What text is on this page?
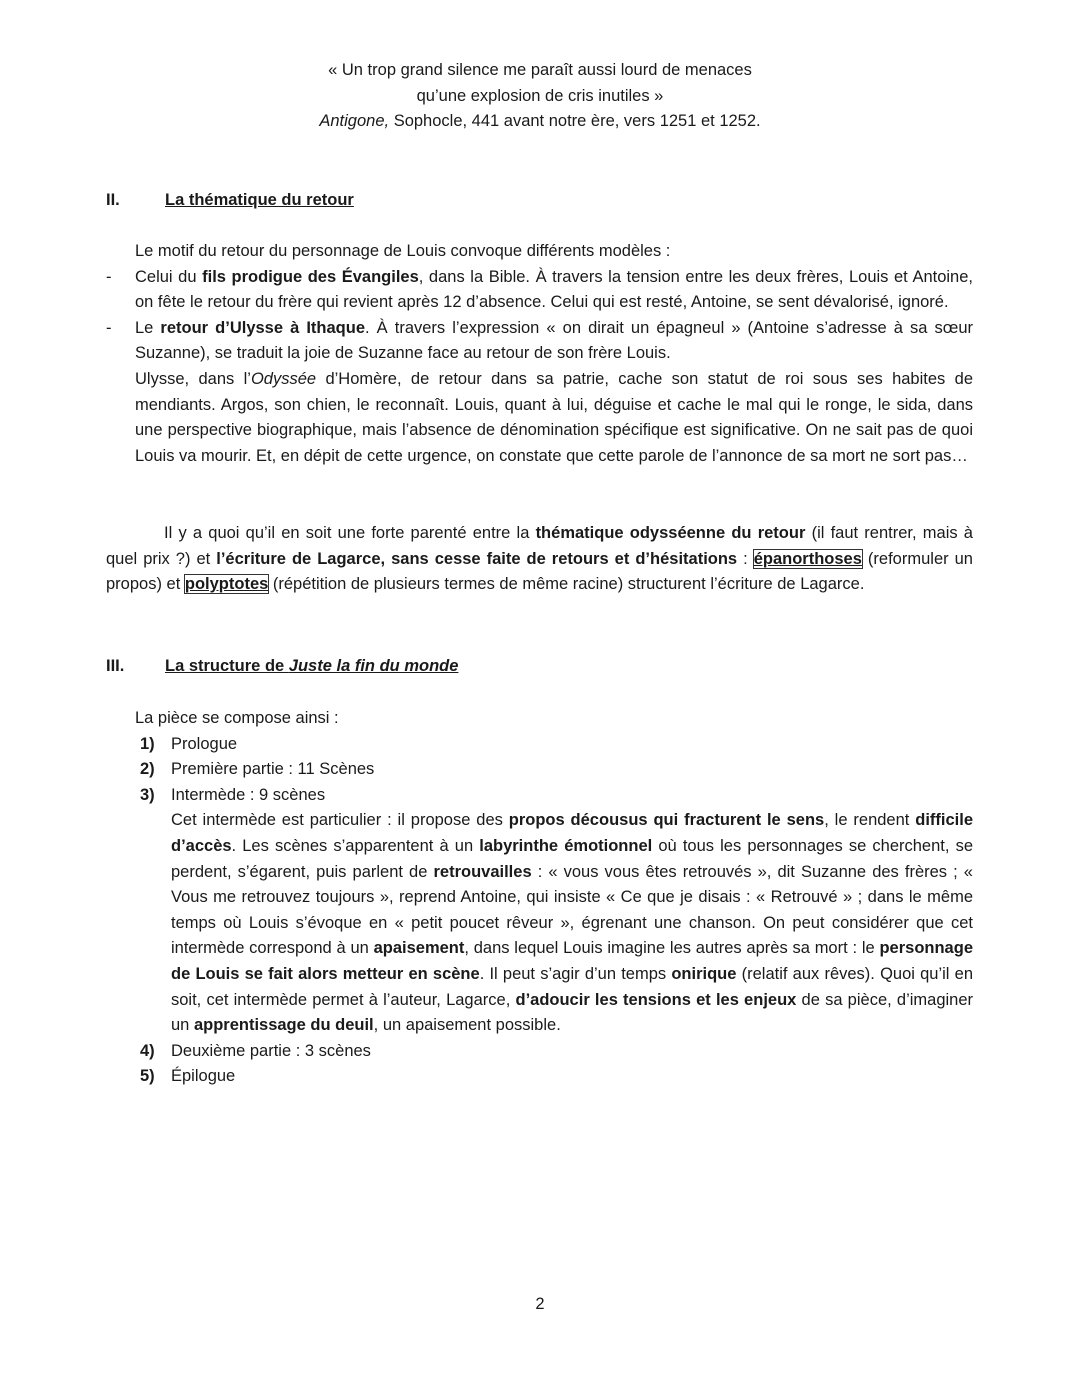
« Un trop grand silence me paraît aussi lourd de menaces
qu’une explosion de cris inutiles »
Antigone, Sophocle, 441 avant notre ère, vers 1251 et 1252.
II.	La thématique du retour
Le motif du retour du personnage de Louis convoque différents modèles :
- Celui du fils prodigue des Évangiles, dans la Bible. À travers la tension entre les deux frères, Louis et Antoine, on fête le retour du frère qui revient après 12 d’absence. Celui qui est resté, Antoine, se sent dévalorisé, ignoré.
- Le retour d’Ulysse à Ithaque. À travers l’expression « on dirait un épagneul » (Antoine s’adresse à sa sœur Suzanne), se traduit la joie de Suzanne face au retour de son frère Louis.
Ulysse, dans l’Odyssée d’Homère, de retour dans sa patrie, cache son statut de roi sous ses habites de mendiants. Argos, son chien, le reconnaît. Louis, quant à lui, déguise et cache le mal qui le ronge, le sida, dans une perspective biographique, mais l’absence de dénomination spécifique est significative. On ne sait pas de quoi Louis va mourir. Et, en dépit de cette urgence, on constate que cette parole de l’annonce de sa mort ne sort pas…
Il y a quoi qu’il en soit une forte parenté entre la thématique odysséenne du retour (il faut rentrer, mais à quel prix ?) et l’écriture de Lagarce, sans cesse faite de retours et d’hésitations : épanorthoses (reformuler un propos) et polyptotes (répétition de plusieurs termes de même racine) structurent l’écriture de Lagarce.
III. La structure de Juste la fin du monde
La pièce se compose ainsi :
1) Prologue
2) Première partie : 11 Scènes
3) Intermède : 9 scènes
Cet intermède est particulier : il propose des propos décousus qui fracturent le sens, le rendent difficile d’accès. Les scènes s’apparentent à un labyrinthe émotionnel où tous les personnages se cherchent, se perdent, s’égarent, puis parlent de retrouvailles : « vous vous êtes retrouvés », dit Suzanne des frères ; « Vous me retrouvez toujours », reprend Antoine, qui insiste « Ce que je disais : « Retrouvé » ; dans le même temps où Louis s’évoque en « petit poucet rêveur », égrenant une chanson. On peut considérer que cet intermède correspond à un apaisement, dans lequel Louis imagine les autres après sa mort : le personnage de Louis se fait alors metteur en scène. Il peut s’agir d’un temps onirique (relatif aux rêves). Quoi qu’il en soit, cet intermède permet à l’auteur, Lagarce, d’adoucir les tensions et les enjeux de sa pièce, d’imaginer un apprentissage du deuil, un apaisement possible.
4) Deuxième partie : 3 scènes
5) Épilogue
2
